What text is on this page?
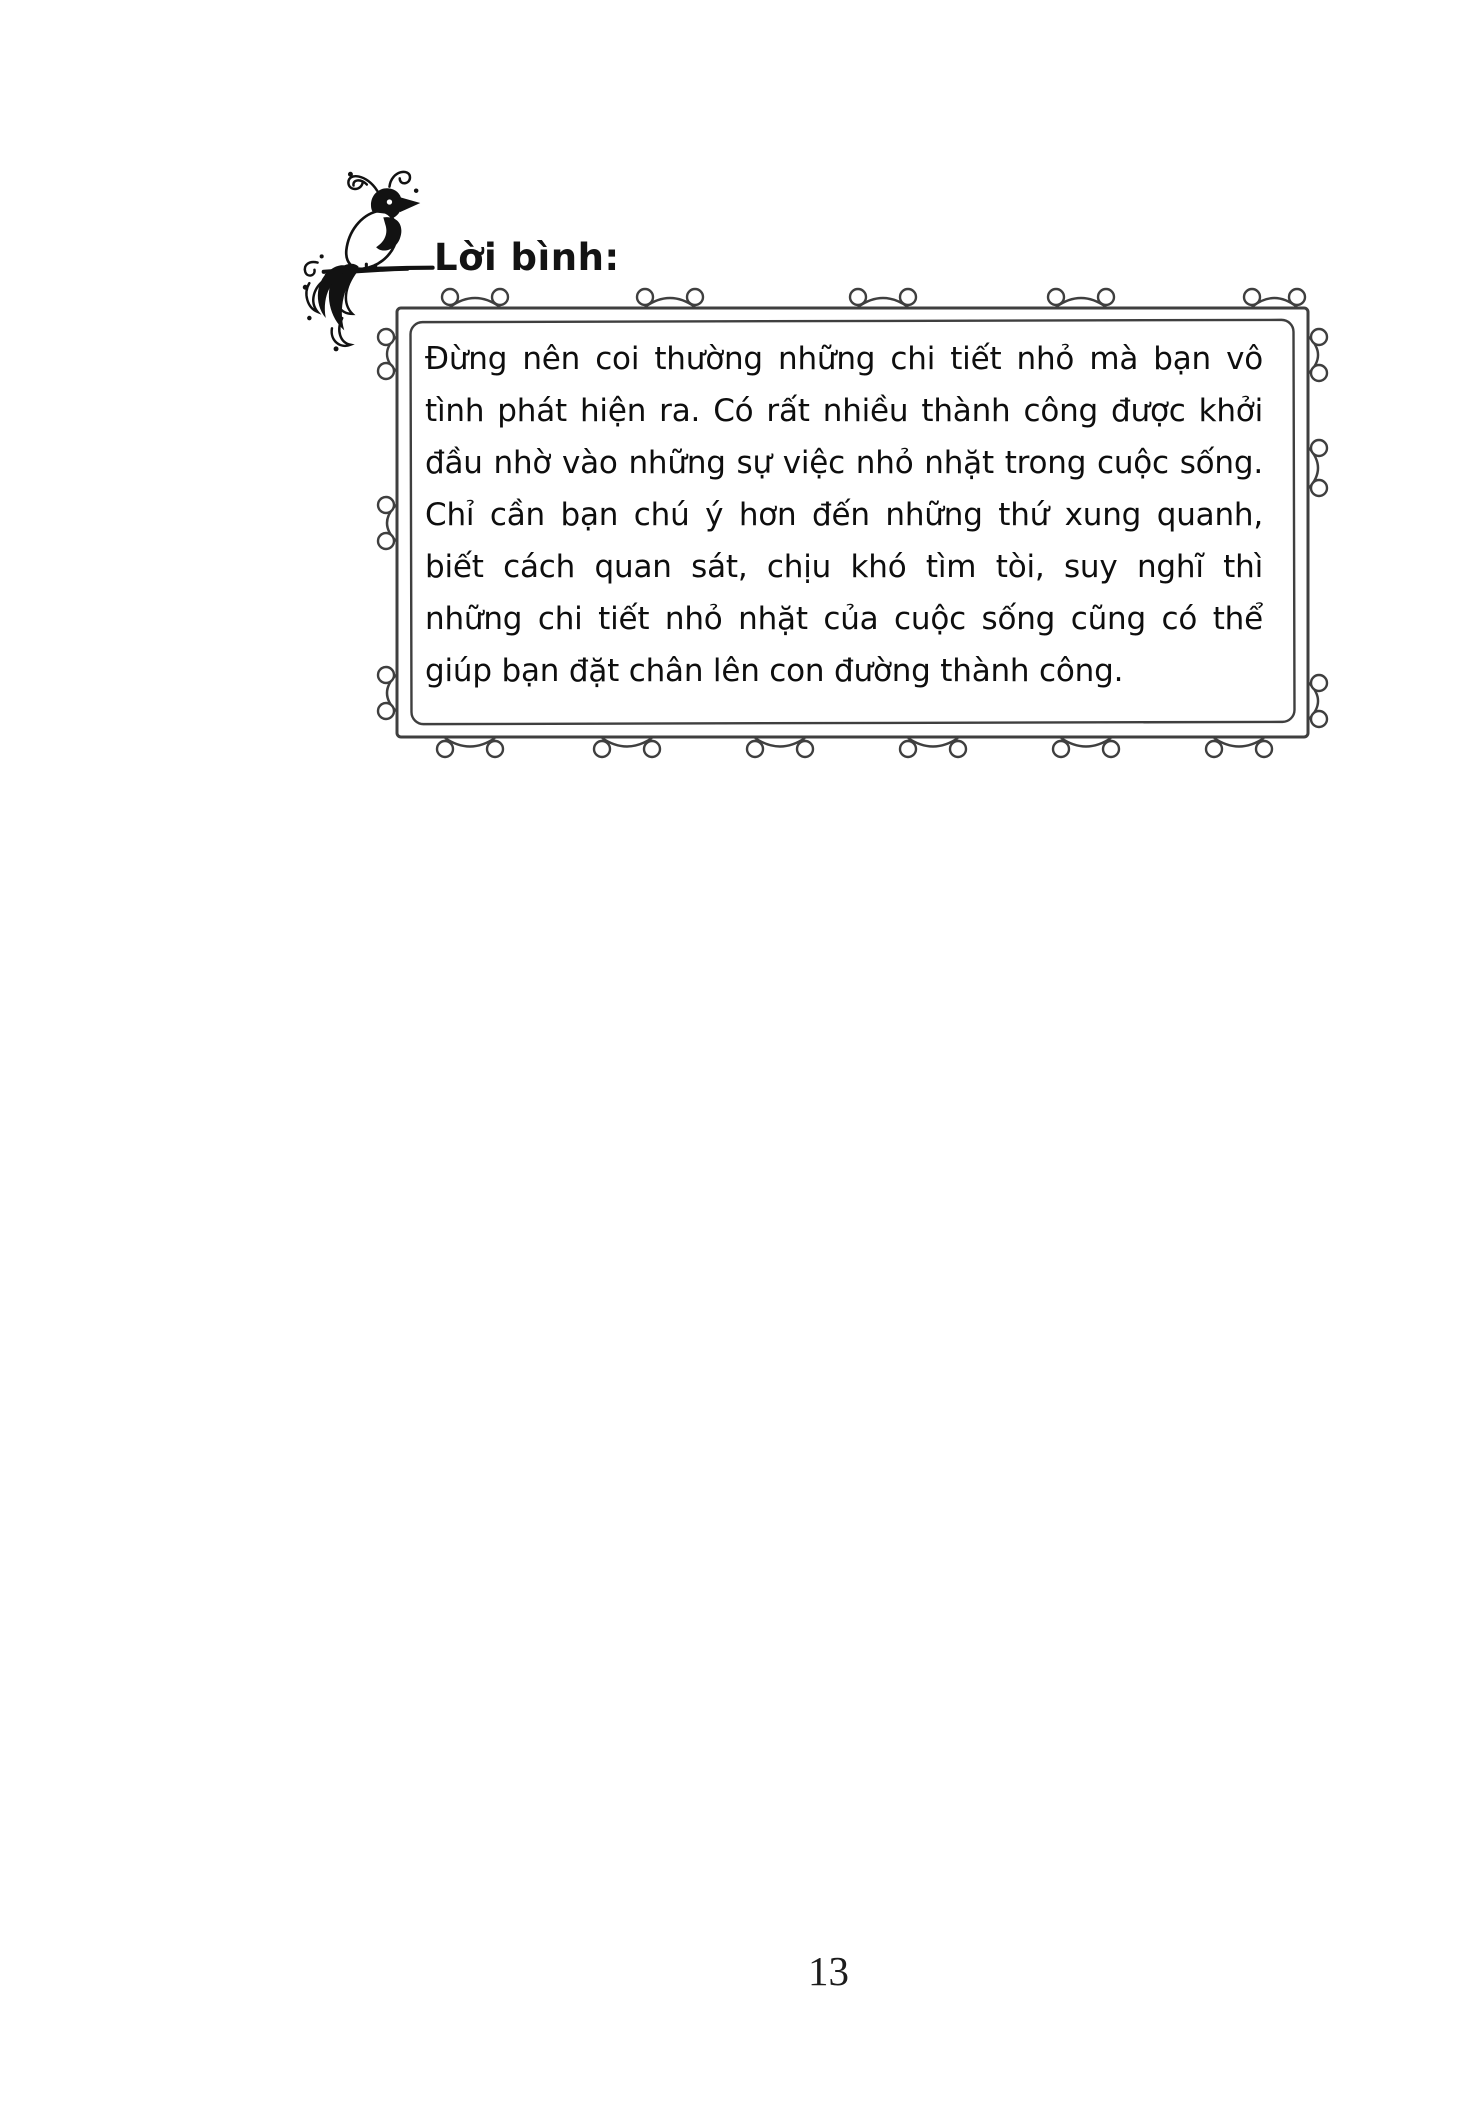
Lời bình:
Đừng nên coi thường những chi tiết nhỏ mà bạn vô
tình phát hiện ra. Có rất nhiều thành công được khởi
đầu nhờ vào những sự việc nhỏ nhặt trong cuộc sống.
Chỉ cần bạn chú ý hơn đến những thứ xung quanh,
biết cách quan sát, chịu khó tìm tòi, suy nghĩ thì
những chi tiết nhỏ nhặt của cuộc sống cũng có thể
giúp bạn đặt chân lên con đường thành công.
13
